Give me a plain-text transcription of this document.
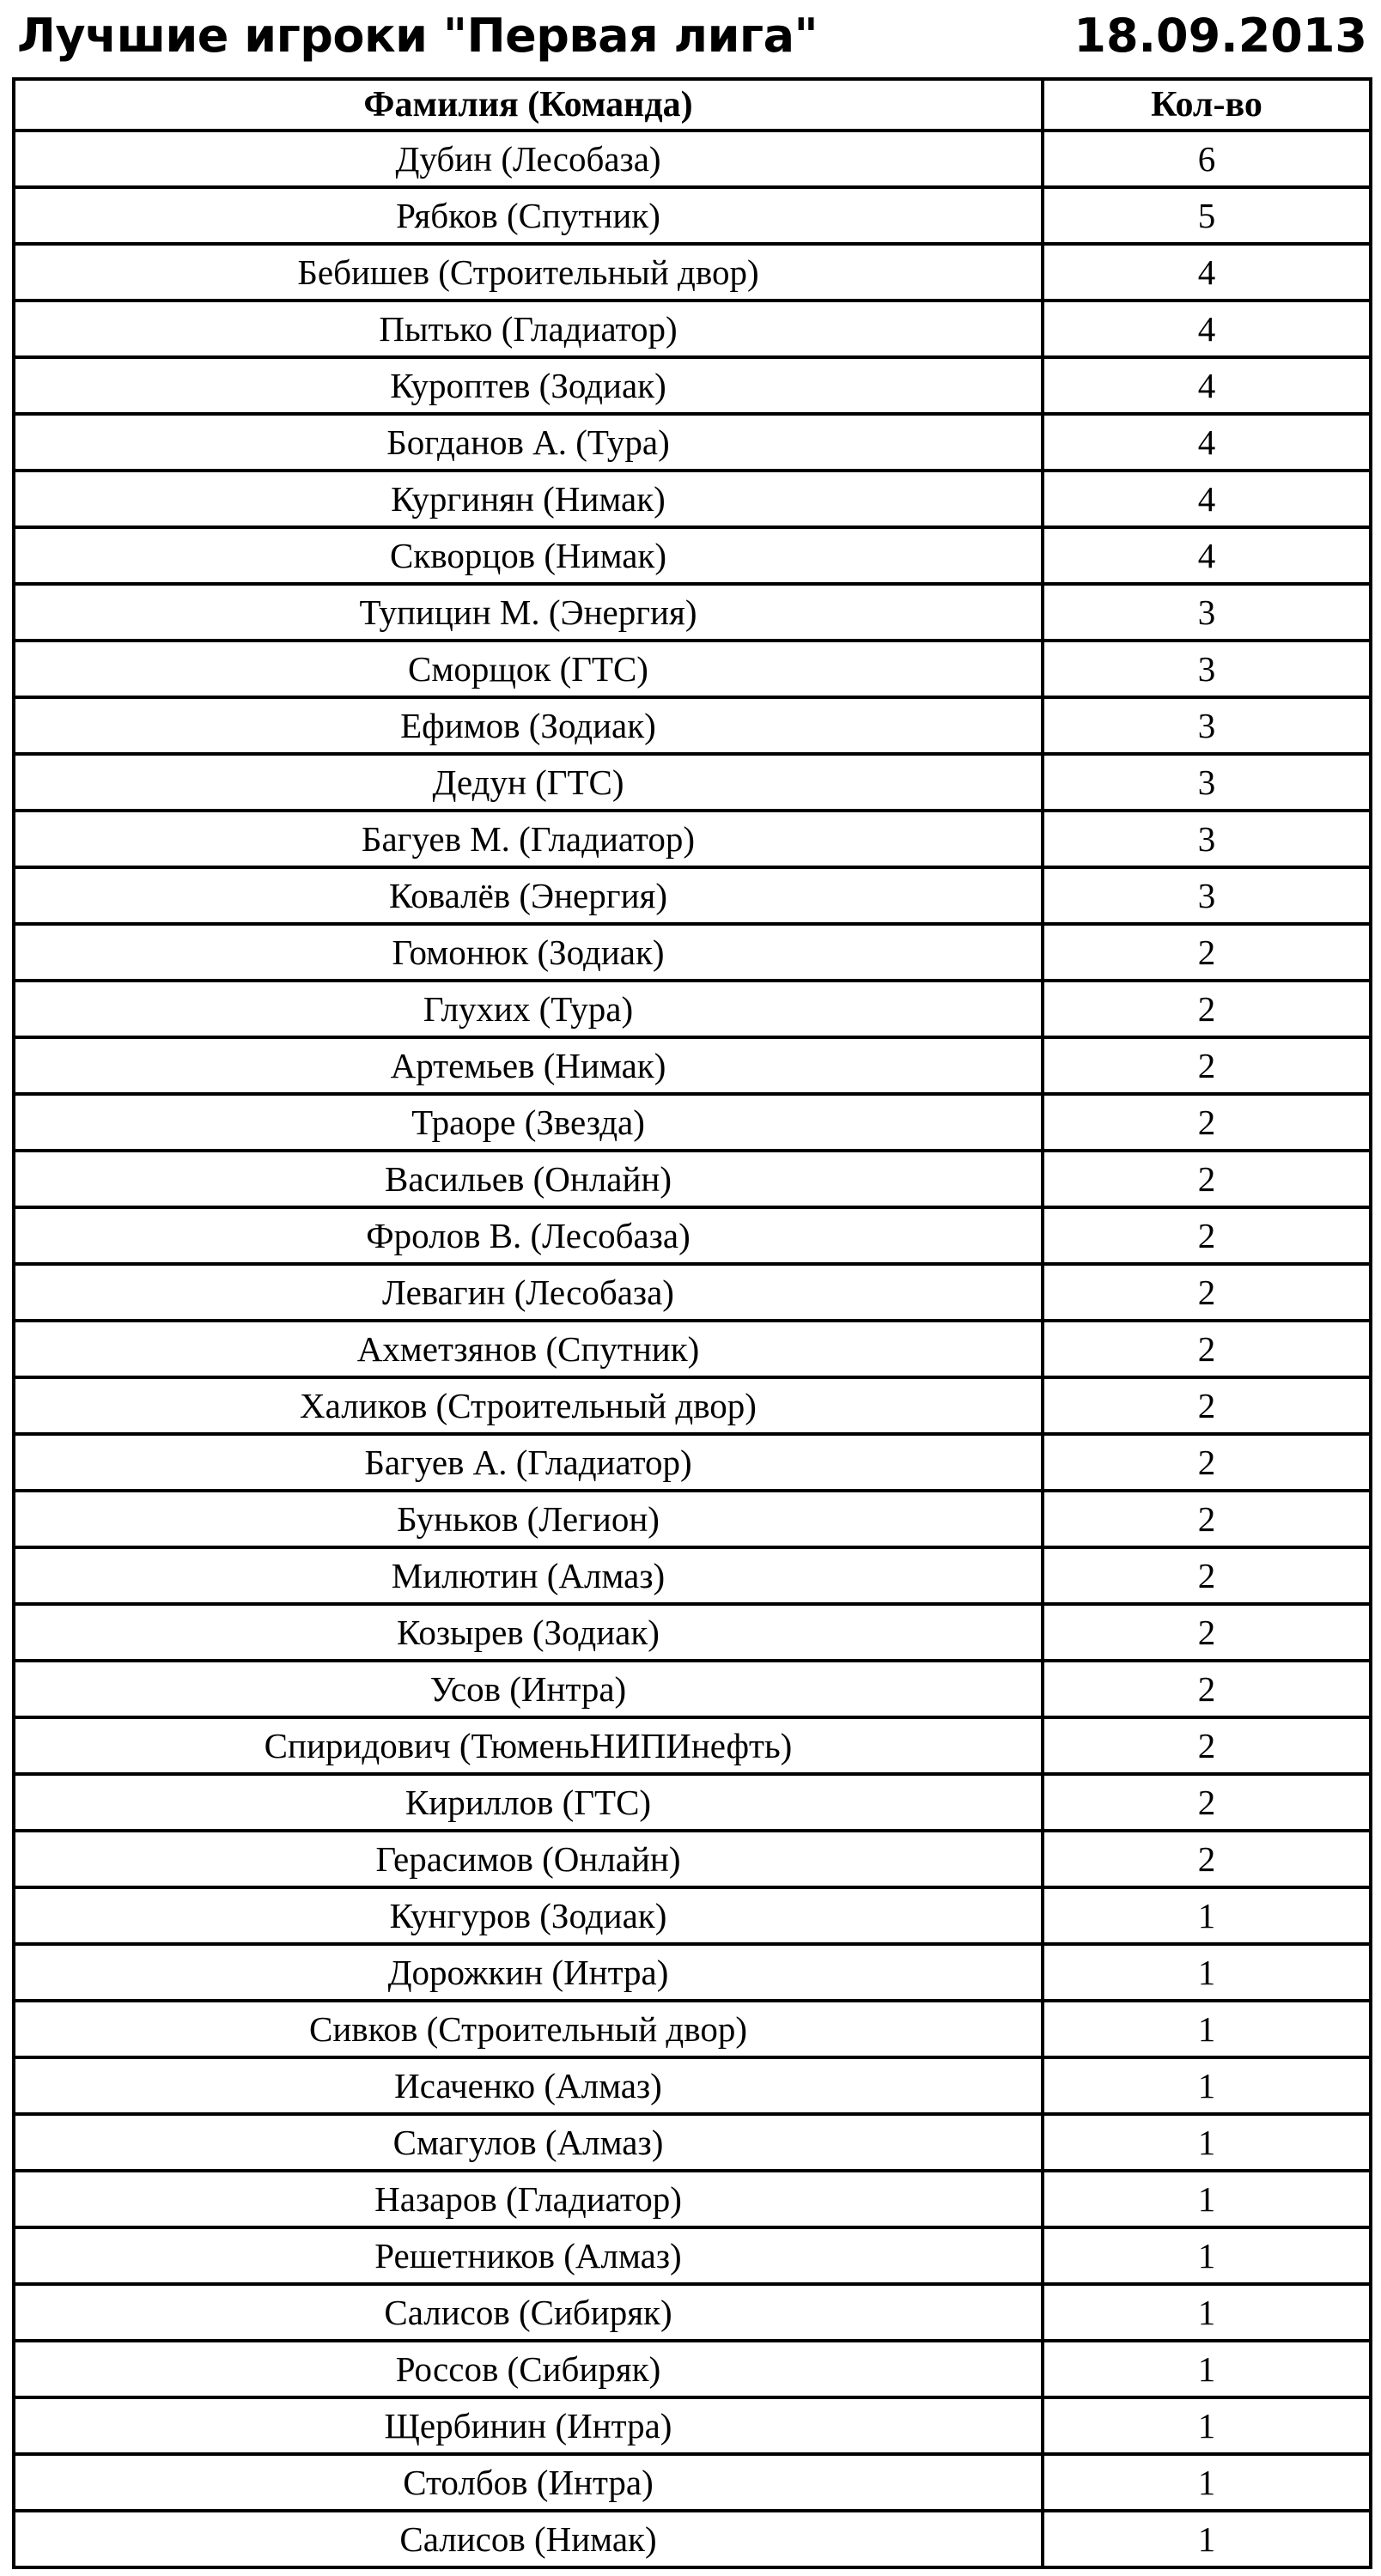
Лучшие игроки "Первая лига"	18.09.2013
Фамилия (Команда)	Кол-во
Дубин (Лесобаза)	6
Рябков (Спутник)	5
Бебишев (Строительный двор)	4
Пытько (Гладиатор)	4
Куроптев (Зодиак)	4
Богданов А. (Тура)	4
Кургинян (Нимак)	4
Скворцов (Нимак)	4
Тупицин М. (Энергия)	3
Сморщок (ГТС)	3
Ефимов (Зодиак)	3
Дедун (ГТС)	3
Багуев М. (Гладиатор)	3
Ковалёв (Энергия)	3
Гомонюк (Зодиак)	2
Глухих (Тура)	2
Артемьев (Нимак)	2
Траоре (Звезда)	2
Васильев (Онлайн)	2
Фролов В. (Лесобаза)	2
Левагин (Лесобаза)	2
Ахметзянов (Спутник)	2
Халиков (Строительный двор)	2
Багуев А. (Гладиатор)	2
Буньков (Легион)	2
Милютин (Алмаз)	2
Козырев (Зодиак)	2
Усов (Интра)	2
Спиридович (ТюменьНИПИнефть)	2
Кириллов (ГТС)	2
Герасимов (Онлайн)	2
Кунгуров (Зодиак)	1
Дорожкин (Интра)	1
Сивков (Строительный двор)	1
Исаченко (Алмаз)	1
Смагулов (Алмаз)	1
Назаров (Гладиатор)	1
Решетников (Алмаз)	1
Салисов (Сибиряк)	1
Россов (Сибиряк)	1
Щербинин (Интра)	1
Столбов (Интра)	1
Салисов (Нимак)	1
